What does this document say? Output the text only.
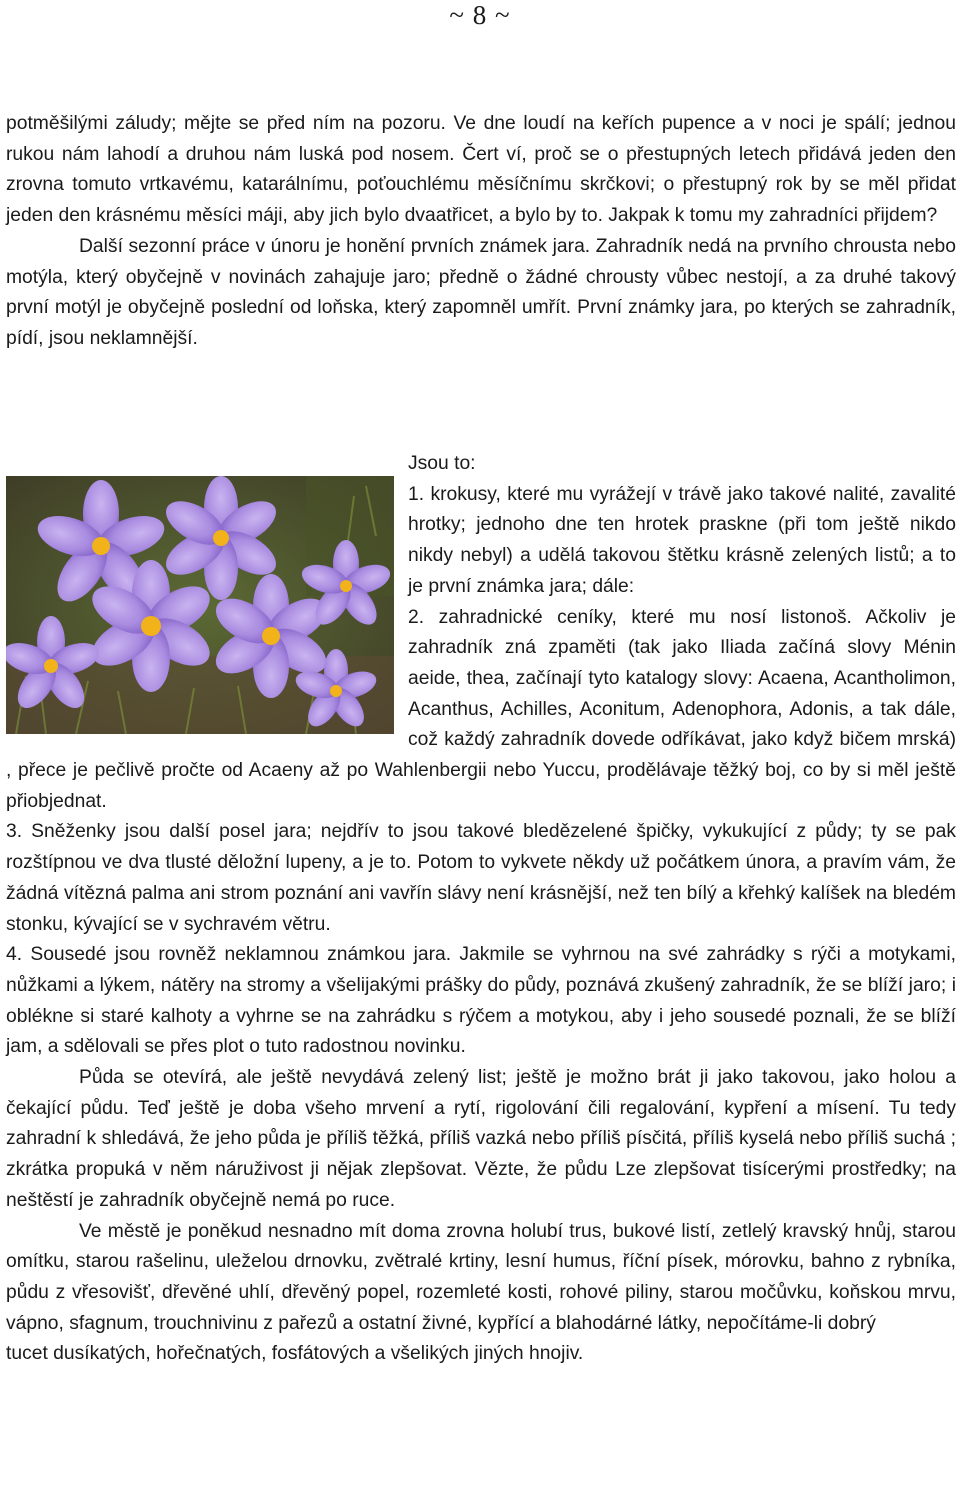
~ 8 ~

potměšilými záludy; mějte se před ním na pozoru. Ve dne loudí na keřích pupence a v noci je spálí; jednou rukou nám lahodí a druhou nám luská pod nosem. Čert ví, proč se o přestupných letech přidává jeden den zrovna tomuto vrtkavému, katarálnímu, poťouchlému měsíčnímu skrčkovi; o přestupný rok by se měl přidat jeden den krásnému měsíci máji, aby jich bylo dvaatřicet, a bylo by to. Jakpak k tomu my zahradníci přijdem?

Další sezonní práce v únoru je honění prvních známek jara. Zahradník nedá na prvního chrousta nebo motýla, který obyčejně v novinách zahajuje jaro; předně o žádné chrousty vůbec nestojí, a za druhé takový první motýl je obyčejně poslední od loňska, který zapomněl umřít. První známky jara, po kterých se zahradník, pídí, jsou neklamnější.

Jsou to:

1. krokusy, které mu vyrážejí v trávě jako takové nalité, zavalité hrotky; jednoho dne ten hrotek praskne (při tom ještě nikdo nikdy nebyl) a udělá takovou štětku krásně zelených listů; a to je první známka jara; dále:

2. zahradnické ceníky, které mu nosí listonoš. Ačkoliv je zahradník zná zpaměti (tak jako Iliada začíná slovy Ménin aeide, thea, začínají tyto katalogy slovy: Acaena, Acantholimon, Acanthus, Achilles, Aconitum, Adenophora, Adonis, a tak dále, což každý zahradník dovede odříkávat, jako když bičem mrská) , přece je pečlivě pročte od Acaeny až po Wahlenbergii nebo Yuccu, prodělávaje těžký boj, co by si měl ještě přiobjednat.

3. Sněženky jsou další posel jara; nejdřív to jsou takové bledězelené špičky, vykukující z půdy; ty se pak rozštípnou ve dva tlusté děložní lupeny, a je to. Potom to vykvete někdy už počátkem února, a pravím vám, že žádná vítězná palma ani strom poznání ani vavřín slávy není krásnější, než ten bílý a křehký kalíšek na bledém stonku, kývající se v sychravém větru.

4. Sousedé jsou rovněž neklamnou známkou jara. Jakmile se vyhrnou na své zahrádky s rýči a motykami, nůžkami a lýkem, nátěry na stromy a všelijakými prášky do půdy, poznává zkušený zahradník, že se blíží jaro; i oblékne si staré kalhoty a vyhrne se na zahrádku s rýčem a motykou, aby i jeho sousedé poznali, že se blíží jam, a sdělovali se přes plot o tuto radostnou novinku.

Půda se otevírá, ale ještě nevydává zelený list; ještě je možno brát ji jako takovou, jako holou a čekající půdu. Teď ještě je doba všeho mrvení a rytí, rigolování čili regalování, kypření a mísení. Tu tedy zahradní k shledává, že jeho půda je příliš těžká, příliš vazká nebo příliš písčitá, příliš kyselá nebo příliš suchá ; zkrátka propuká v něm náruživost ji nějak zlepšovat. Vězte, že půdu Lze zlepšovat tisícerými prostředky; na neštěstí je zahradník obyčejně nemá po ruce.

Ve městě je poněkud nesnadno mít doma zrovna holubí trus, bukové listí, zetlelý kravský hnůj, starou omítku, starou rašelinu, uleželou drnovku, zvětralé krtiny, lesní humus, říční písek, mórovku, bahno z rybníka, půdu z vřesovišť, dřevěné uhlí, dřevěný popel, rozemleté kosti, rohové piliny, starou močůvku, koňskou mrvu, vápno, sfagnum, trouchnivinu z pařezů a ostatní živné, kypřící a blahodárné látky, nepočítáme-li dobrý

tucet dusíkatých, hořečnatých, fosfátových a všelikých jiných hnojiv.
